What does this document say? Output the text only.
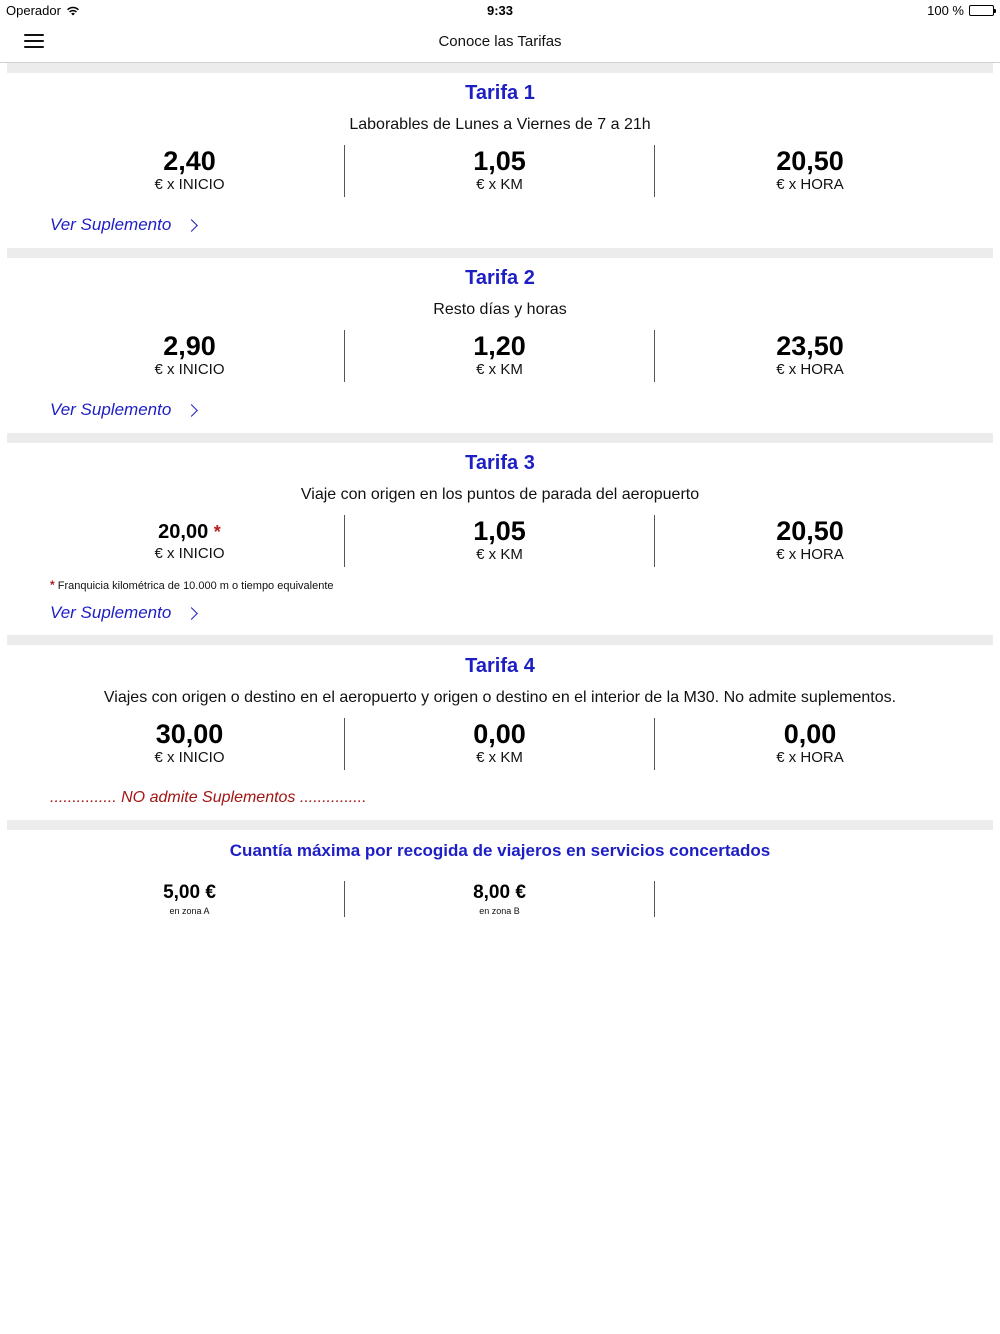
Operador	9:33	100 %
Conoce las Tarifas
Tarifa 1
Laborables de Lunes a Viernes de 7 a 21h
2,40
€ x INICIO
1,05
€ x KM
20,50
€ x HORA
Ver Suplemento
Tarifa 2
Resto días y horas
2,90
€ x INICIO
1,20
€ x KM
23,50
€ x HORA
Ver Suplemento
Tarifa 3
Viaje con origen en los puntos de parada del aeropuerto
20,00 *
€ x INICIO
1,05
€ x KM
20,50
€ x HORA
* Franquicia kilométrica de 10.000 m o tiempo equivalente
Ver Suplemento
Tarifa 4
Viajes con origen o destino en el aeropuerto y origen o destino en el interior de la M30. No admite suplementos.
30,00
€ x INICIO
0,00
€ x KM
0,00
€ x HORA
............... NO admite Suplementos ...............
Cuantía máxima por recogida de viajeros en servicios concertados
5,00 €
en zona A
8,00 €
en zona B
